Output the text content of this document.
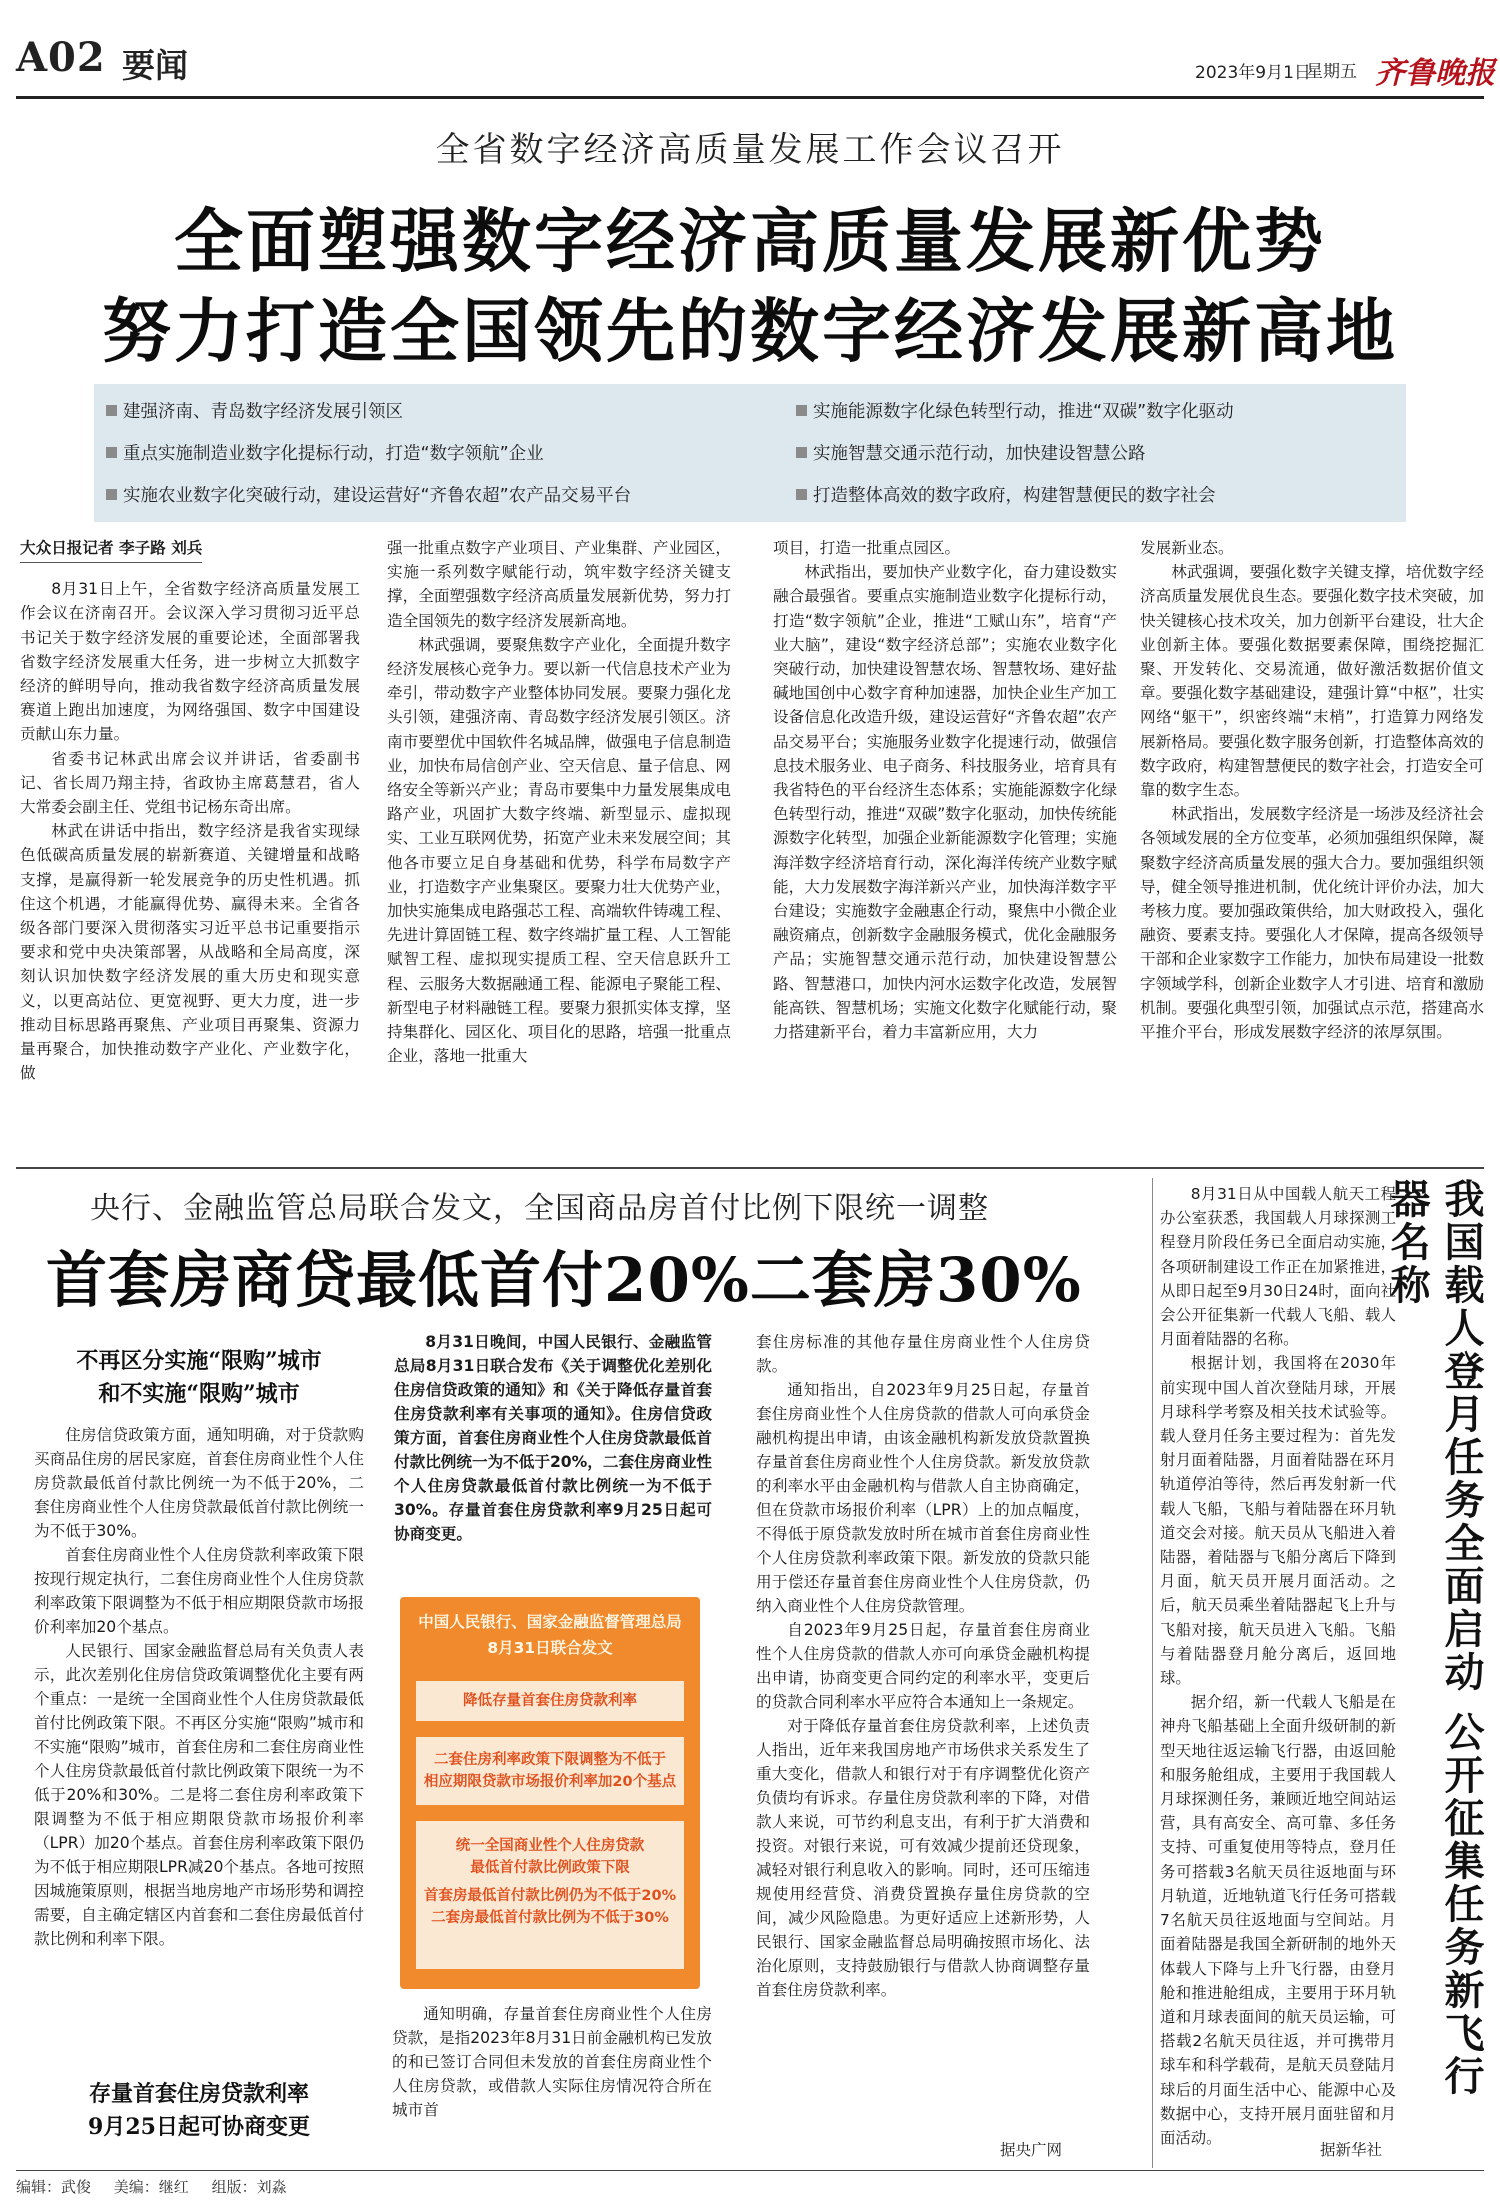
A02 要闻	2023年9月1日
星期五 齐鲁晚报
全省数字经济高质量发展工作会议召开
全面塑强数字经济高质量发展新优势
努力打造全国领先的数字经济发展新高地
建强济南、青岛数字经济发展引领区
重点实施制造业数字化提标行动，打造“数字领航”企业
实施农业数字化突破行动，建设运营好“齐鲁农超”农产品交易平台
实施能源数字化绿色转型行动，推进“双碳”数字化驱动
实施智慧交通示范行动，加快建设智慧公路
打造整体高效的数字政府，构建智慧便民的数字社会
大众日报记者 李子路 刘兵

8月31日上午，全省数字经济高质量发展工作会议在济南召开。会议深入学习贯彻习近平总书记关于数字经济发展的重要论述，全面部署我省数字经济发展重大任务，进一步树立大抓数字经济的鲜明导向，推动我省数字经济高质量发展赛道上跑出加速度，为网络强国、数字中国建设贡献山东力量。

省委书记林武出席会议并讲话，省委副书记、省长周乃翔主持，省政协主席葛慧君，省人大常委会副主任、党组书记杨东奇出席。

林武在讲话中指出，数字经济是我省实现绿色低碳高质量发展的崭新赛道、关键增量和战略支撑，是赢得新一轮发展竞争的历史性机遇。抓住这个机遇，才能赢得优势、赢得未来。全省各级各部门要深入贯彻落实习近平总书记重要指示要求和党中央决策部署，从战略和全局高度，深刻认识加快数字经济发展的重大历史和现实意义，以更高站位、更宽视野、更大力度，进一步推动目标思路再聚焦、产业项目再聚集、资源力量再聚合，加快推动数字产业化、产业数字化，做

强一批重点数字产业项目、产业集群、产业园区，实施一系列数字赋能行动，筑牢数字经济关键支撑，全面塑强数字经济高质量发展新优势，努力打造全国领先的数字经济发展新高地。

林武强调，要聚焦数字产业化，全面提升数字经济发展核心竞争力。要以新一代信息技术产业为牵引，带动数字产业整体协同发展。要聚力强化龙头引领，建强济南、青岛数字经济发展引领区。济南市要塑优中国软件名城品牌，做强电子信息制造业，加快布局信创产业、空天信息、量子信息、网络安全等新兴产业；青岛市要集中力量发展集成电路产业，巩固扩大数字终端、新型显示、虚拟现实、工业互联网优势，拓宽产业未来发展空间；其他各市要立足自身基础和优势，科学布局数字产业，打造数字产业集聚区。要聚力壮大优势产业，加快实施集成电路强芯工程、高端软件铸魂工程、先进计算固链工程、数字终端扩量工程、人工智能赋智工程、虚拟现实提质工程、空天信息跃升工程、云服务大数据融通工程、能源电子聚能工程、新型电子材料融链工程。要聚力狠抓实体支撑，坚持集群化、园区化、项目化的思路，培强一批重点企业，落地一批重大

项目，打造一批重点园区。

林武指出，要加快产业数字化，奋力建设数实融合最强省。要重点实施制造业数字化提标行动，打造“数字领航”企业，推进“工赋山东”，培育“产业大脑”，建设“数字经济总部”；实施农业数字化突破行动，加快建设智慧农场、智慧牧场、建好盐碱地国创中心数字育种加速器，加快企业生产加工设备信息化改造升级，建设运营好“齐鲁农超”农产品交易平台；实施服务业数字化提速行动，做强信息技术服务业、电子商务、科技服务业，培育具有我省特色的平台经济生态体系；实施能源数字化绿色转型行动，推进“双碳”数字化驱动，加快传统能源数字化转型，加强企业新能源数字化管理；实施海洋数字经济培育行动，深化海洋传统产业数字赋能，大力发展数字海洋新兴产业，加快海洋数字平台建设；实施数字金融惠企行动，聚焦中小微企业融资痛点，创新数字金融服务模式，优化金融服务产品；实施智慧交通示范行动，加快建设智慧公路、智慧港口，加快内河水运数字化改造，发展智能高铁、智慧机场；实施文化数字化赋能行动，聚力搭建新平台，着力丰富新应用，大力

发展新业态。

林武强调，要强化数字关键支撑，培优数字经济高质量发展优良生态。要强化数字技术突破，加快关键核心技术攻关，加力创新平台建设，壮大企业创新主体。要强化数据要素保障，围绕挖掘汇聚、开发转化、交易流通，做好激活数据价值文章。要强化数字基础建设，建强计算“中枢”，壮实网络“躯干”，织密终端“末梢”，打造算力网络发展新格局。要强化数字服务创新，打造整体高效的数字政府，构建智慧便民的数字社会，打造安全可靠的数字生态。

林武指出，发展数字经济是一场涉及经济社会各领域发展的全方位变革，必须加强组织保障，凝聚数字经济高质量发展的强大合力。要加强组织领导，健全领导推进机制，优化统计评价办法，加大考核力度。要加强政策供给，加大财政投入，强化融资、要素支持。要强化人才保障，提高各级领导干部和企业家数字工作能力，加快布局建设一批数字领域学科，创新企业数字人才引进、培育和激励机制。要强化典型引领，加强试点示范，搭建高水平推介平台，形成发展数字经济的浓厚氛围。

央行、金融监管总局联合发文，全国商品房首付比例下限统一调整
首套房商贷最低首付20%二套房30%
不再区分实施“限购”城市
和不实施“限购”城市

住房信贷政策方面，通知明确，对于贷款购买商品住房的居民家庭，首套住房商业性个人住房贷款最低首付款比例统一为不低于20%，二套住房商业性个人住房贷款最低首付款比例统一为不低于30%。

首套住房商业性个人住房贷款利率政策下限按现行规定执行，二套住房商业性个人住房贷款利率政策下限调整为不低于相应期限贷款市场报价利率加20个基点。

人民银行、国家金融监督总局有关负责人表示，此次差别化住房信贷政策调整优化主要有两个重点：一是统一全国商业性个人住房贷款最低首付比例政策下限。不再区分实施“限购”城市和不实施“限购”城市，首套住房和二套住房商业性个人住房贷款最低首付款比例政策下限统一为不低于20%和30%。二是将二套住房利率政策下限调整为不低于相应期限贷款市场报价利率（LPR）加20个基点。首套住房利率政策下限仍为不低于相应期限LPR减20个基点。各地可按照因城施策原则，根据当地房地产市场形势和调控需要，自主确定辖区内首套和二套住房最低首付款比例和利率下限。

存量首套住房贷款利率
9月25日起可协商变更

8月31日晚间，中国人民银行、金融监管总局8月31日联合发布《关于调整优化差别化住房信贷政策的通知》和《关于降低存量首套住房贷款利率有关事项的通知》。住房信贷政策方面，首套住房商业性个人住房贷款最低首付款比例统一为不低于20%，二套住房商业性个人住房贷款最低首付款比例统一为不低于30%。存量首套住房贷款利率9月25日起可协商变更。

中国人民银行、国家金融监督管理总局
8月31日联合发文
降低存量首套住房贷款利率
二套住房利率政策下限调整为不低于
相应期限贷款市场报价利率加20个基点
统一全国商业性个人住房贷款
最低首付款比例政策下限
首套房最低首付款比例仍为不低于20%
二套房最低首付款比例为不低于30%

通知明确，存量首套住房商业性个人住房贷款，是指2023年8月31日前金融机构已发放的和已签订合同但未发放的首套住房商业性个人住房贷款，或借款人实际住房情况符合所在城市首

套住房标准的其他存量住房商业性个人住房贷款。

通知指出，自2023年9月25日起，存量首套住房商业性个人住房贷款的借款人可向承贷金融机构提出申请，由该金融机构新发放贷款置换存量首套住房商业性个人住房贷款。新发放贷款的利率水平由金融机构与借款人自主协商确定，但在贷款市场报价利率（LPR）上的加点幅度，不得低于原贷款发放时所在城市首套住房商业性个人住房贷款利率政策下限。新发放的贷款只能用于偿还存量首套住房商业性个人住房贷款，仍纳入商业性个人住房贷款管理。

自2023年9月25日起，存量首套住房商业性个人住房贷款的借款人亦可向承贷金融机构提出申请，协商变更合同约定的利率水平，变更后的贷款合同利率水平应符合本通知上一条规定。

对于降低存量首套住房贷款利率，上述负责人指出，近年来我国房地产市场供求关系发生了重大变化，借款人和银行对于有序调整优化资产负债均有诉求。存量住房贷款利率的下降，对借款人来说，可节约利息支出，有利于扩大消费和投资。对银行来说，可有效减少提前还贷现象，减轻对银行利息收入的影响。同时，还可压缩违规使用经营贷、消费贷置换存量住房贷款的空间，减少风险隐患。为更好适应上述新形势，人民银行、国家金融监督总局明确按照市场化、法治化原则，支持鼓励银行与借款人协商调整存量首套住房贷款利率。

据央广网

8月31日从中国载人航天工程办公室获悉，我国载人月球探测工程登月阶段任务已全面启动实施，各项研制建设工作正在加紧推进，从即日起至9月30日24时，面向社会公开征集新一代载人飞船、载人月面着陆器的名称。

根据计划，我国将在2030年前实现中国人首次登陆月球，开展月球科学考察及相关技术试验等。载人登月任务主要过程为：首先发射月面着陆器，月面着陆器在环月轨道停泊等待，然后再发射新一代载人飞船，飞船与着陆器在环月轨道交会对接。航天员从飞船进入着陆器，着陆器与飞船分离后下降到月面，航天员开展月面活动。之后，航天员乘坐着陆器起飞上升与飞船对接，航天员进入飞船。飞船与着陆器登月舱分离后，返回地球。

据介绍，新一代载人飞船是在神舟飞船基础上全面升级研制的新型天地往返运输飞行器，由返回舱和服务舱组成，主要用于我国载人月球探测任务，兼顾近地空间站运营，具有高安全、高可靠、多任务支持、可重复使用等特点，登月任务可搭载3名航天员往返地面与环月轨道，近地轨道飞行任务可搭载7名航天员往返地面与空间站。月面着陆器是我国全新研制的地外天体载人下降与上升飞行器，由登月舱和推进舱组成，主要用于环月轨道和月球表面间的航天员运输，可搭载2名航天员往返，并可携带月球车和科学载荷，是航天员登陆月球后的月面生活中心、能源中心及数据中心，支持开展月面驻留和月面活动。

据新华社
我国载人登月任务全面启动 公开征集任务新飞行器名称
编辑：武俊 美编：继红 组版：刘淼
